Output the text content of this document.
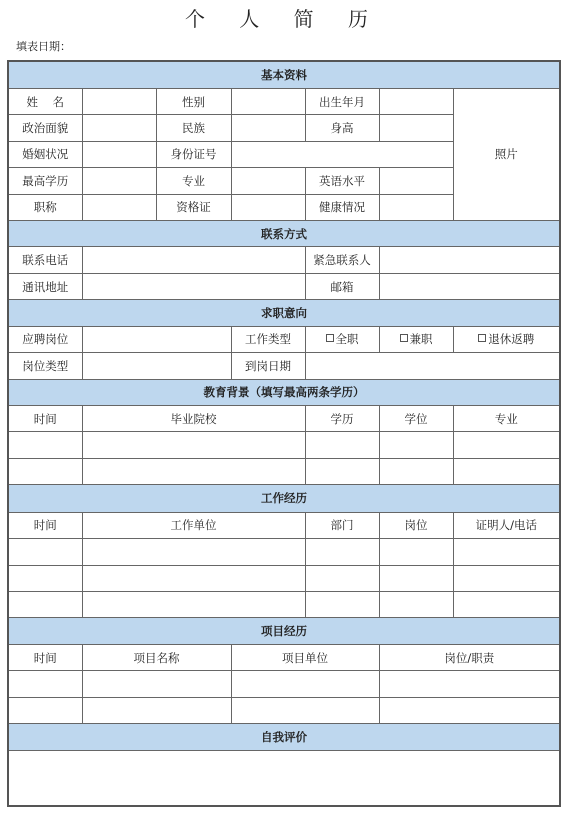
个 人 简 历
填表日期：
基本资料						
姓    名		性别		出生年月		照片
政治面貌		民族		身高		
婚姻状况		身份证号				
最高学历		专业		英语水平		
职称		资格证		健康情况		
联系方式						
联系电话				紧急联系人		
通讯地址				邮箱		
求职意向						
应聘岗位			工作类型	全职	兼职	退休返聘
岗位类型			到岗日期			
教育背景（填写最高两条学历）						
时间	毕业院校			学历	学位	专业

工作经历						
时间	工作单位			部门	岗位	证明人/电话

项目经历						
时间	项目名称		项目单位		岗位/职责	

自我评价						
